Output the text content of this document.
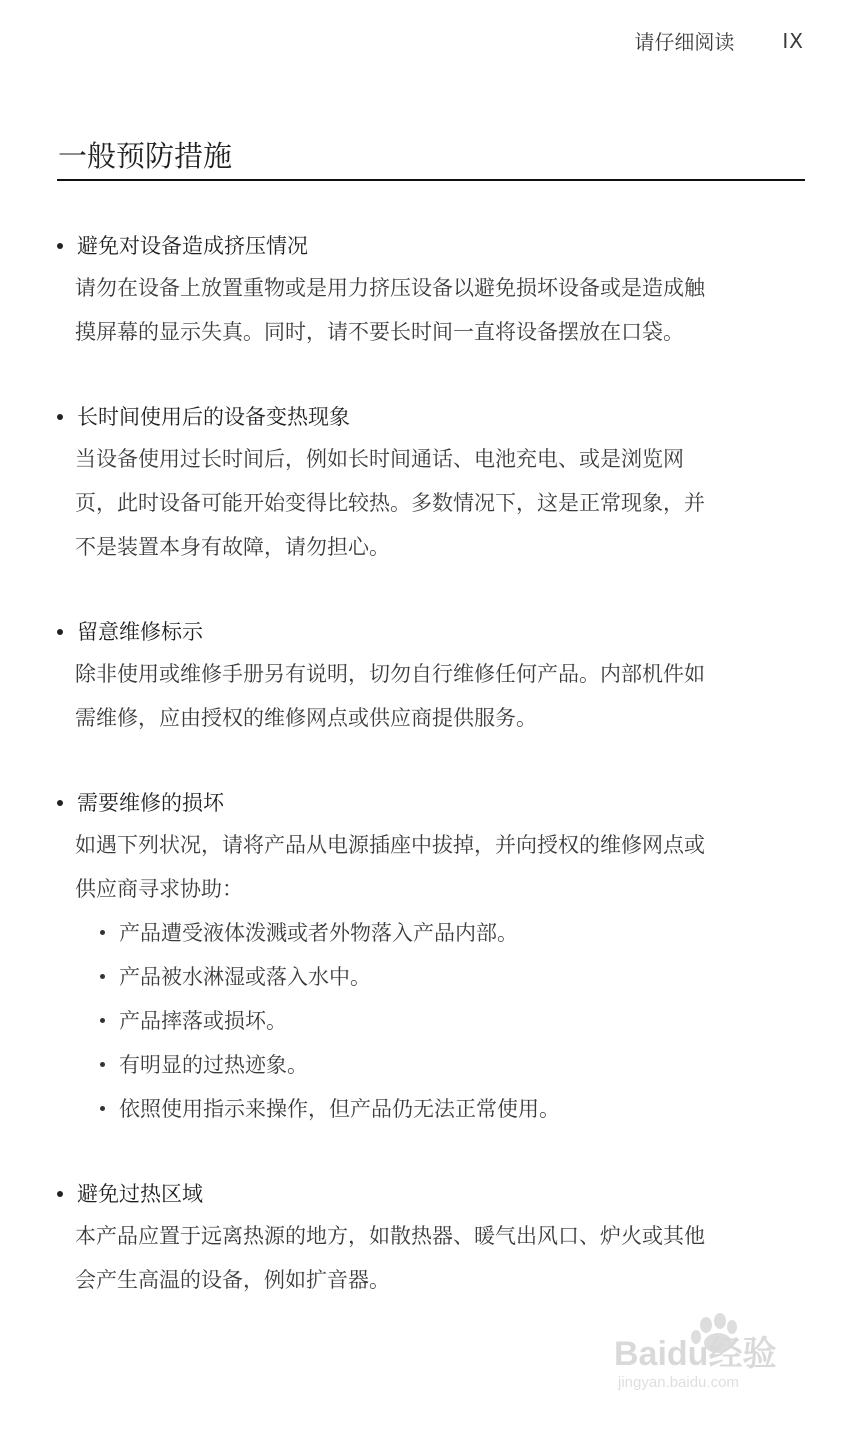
请仔细阅读 IX
一般预防措施
避免对设备造成挤压情况
请勿在设备上放置重物或是用力挤压设备以避免损坏设备或是造成触
摸屏幕的显示失真。同时，请不要长时间一直将设备摆放在口袋。
长时间使用后的设备变热现象
当设备使用过长时间后，例如长时间通话、电池充电、或是浏览网
页，此时设备可能开始变得比较热。多数情况下，这是正常现象，并
不是装置本身有故障，请勿担心。
留意维修标示
除非使用或维修手册另有说明，切勿自行维修任何产品。内部机件如
需维修，应由授权的维修网点或供应商提供服务。
需要维修的损坏
如遇下列状况，请将产品从电源插座中拔掉，并向授权的维修网点或
供应商寻求协助：
产品遭受液体泼溅或者外物落入产品内部。
产品被水淋湿或落入水中。
产品摔落或损坏。
有明显的过热迹象。
依照使用指示来操作，但产品仍无法正常使用。
避免过热区域
本产品应置于远离热源的地方，如散热器、暖气出风口、炉火或其他
会产生高温的设备，例如扩音器。
Baidu经验
jingyan.baidu.com
